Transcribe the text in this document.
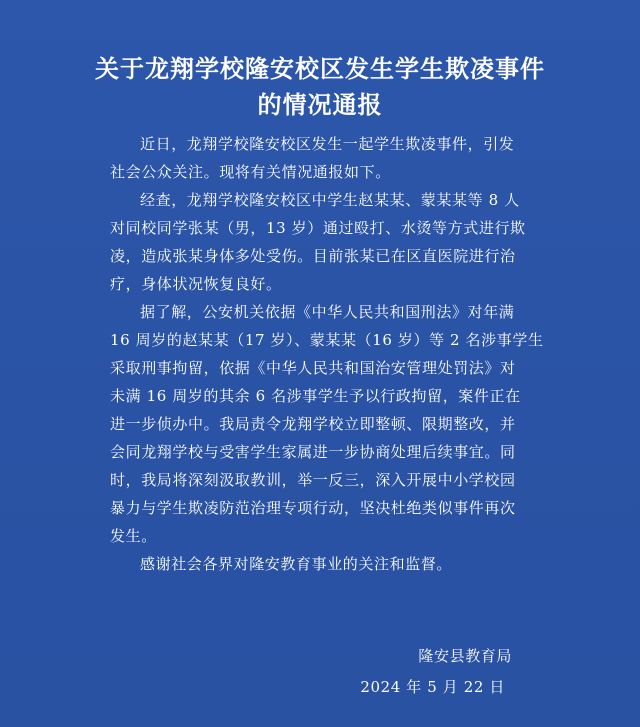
关于龙翔学校隆安校区发生学生欺凌事件
的情况通报
近日，龙翔学校隆安校区发生一起学生欺凌事件，引发
社会公众关注。现将有关情况通报如下。
经查，龙翔学校隆安校区中学生赵某某、蒙某某等 8 人
对同校同学张某（男，13 岁）通过殴打、水烫等方式进行欺
凌，造成张某身体多处受伤。目前张某已在区直医院进行治
疗，身体状况恢复良好。
据了解，公安机关依据《中华人民共和国刑法》对年满
16 周岁的赵某某（17 岁）、蒙某某（16 岁）等 2 名涉事学生
采取刑事拘留，依据《中华人民共和国治安管理处罚法》对
未满 16 周岁的其余 6 名涉事学生予以行政拘留，案件正在
进一步侦办中。我局责令龙翔学校立即整顿、限期整改，并
会同龙翔学校与受害学生家属进一步协商处理后续事宜。同
时，我局将深刻汲取教训，举一反三，深入开展中小学校园
暴力与学生欺凌防范治理专项行动，坚决杜绝类似事件再次
发生。
感谢社会各界对隆安教育事业的关注和监督。
隆安县教育局
2024 年 5 月 22 日
